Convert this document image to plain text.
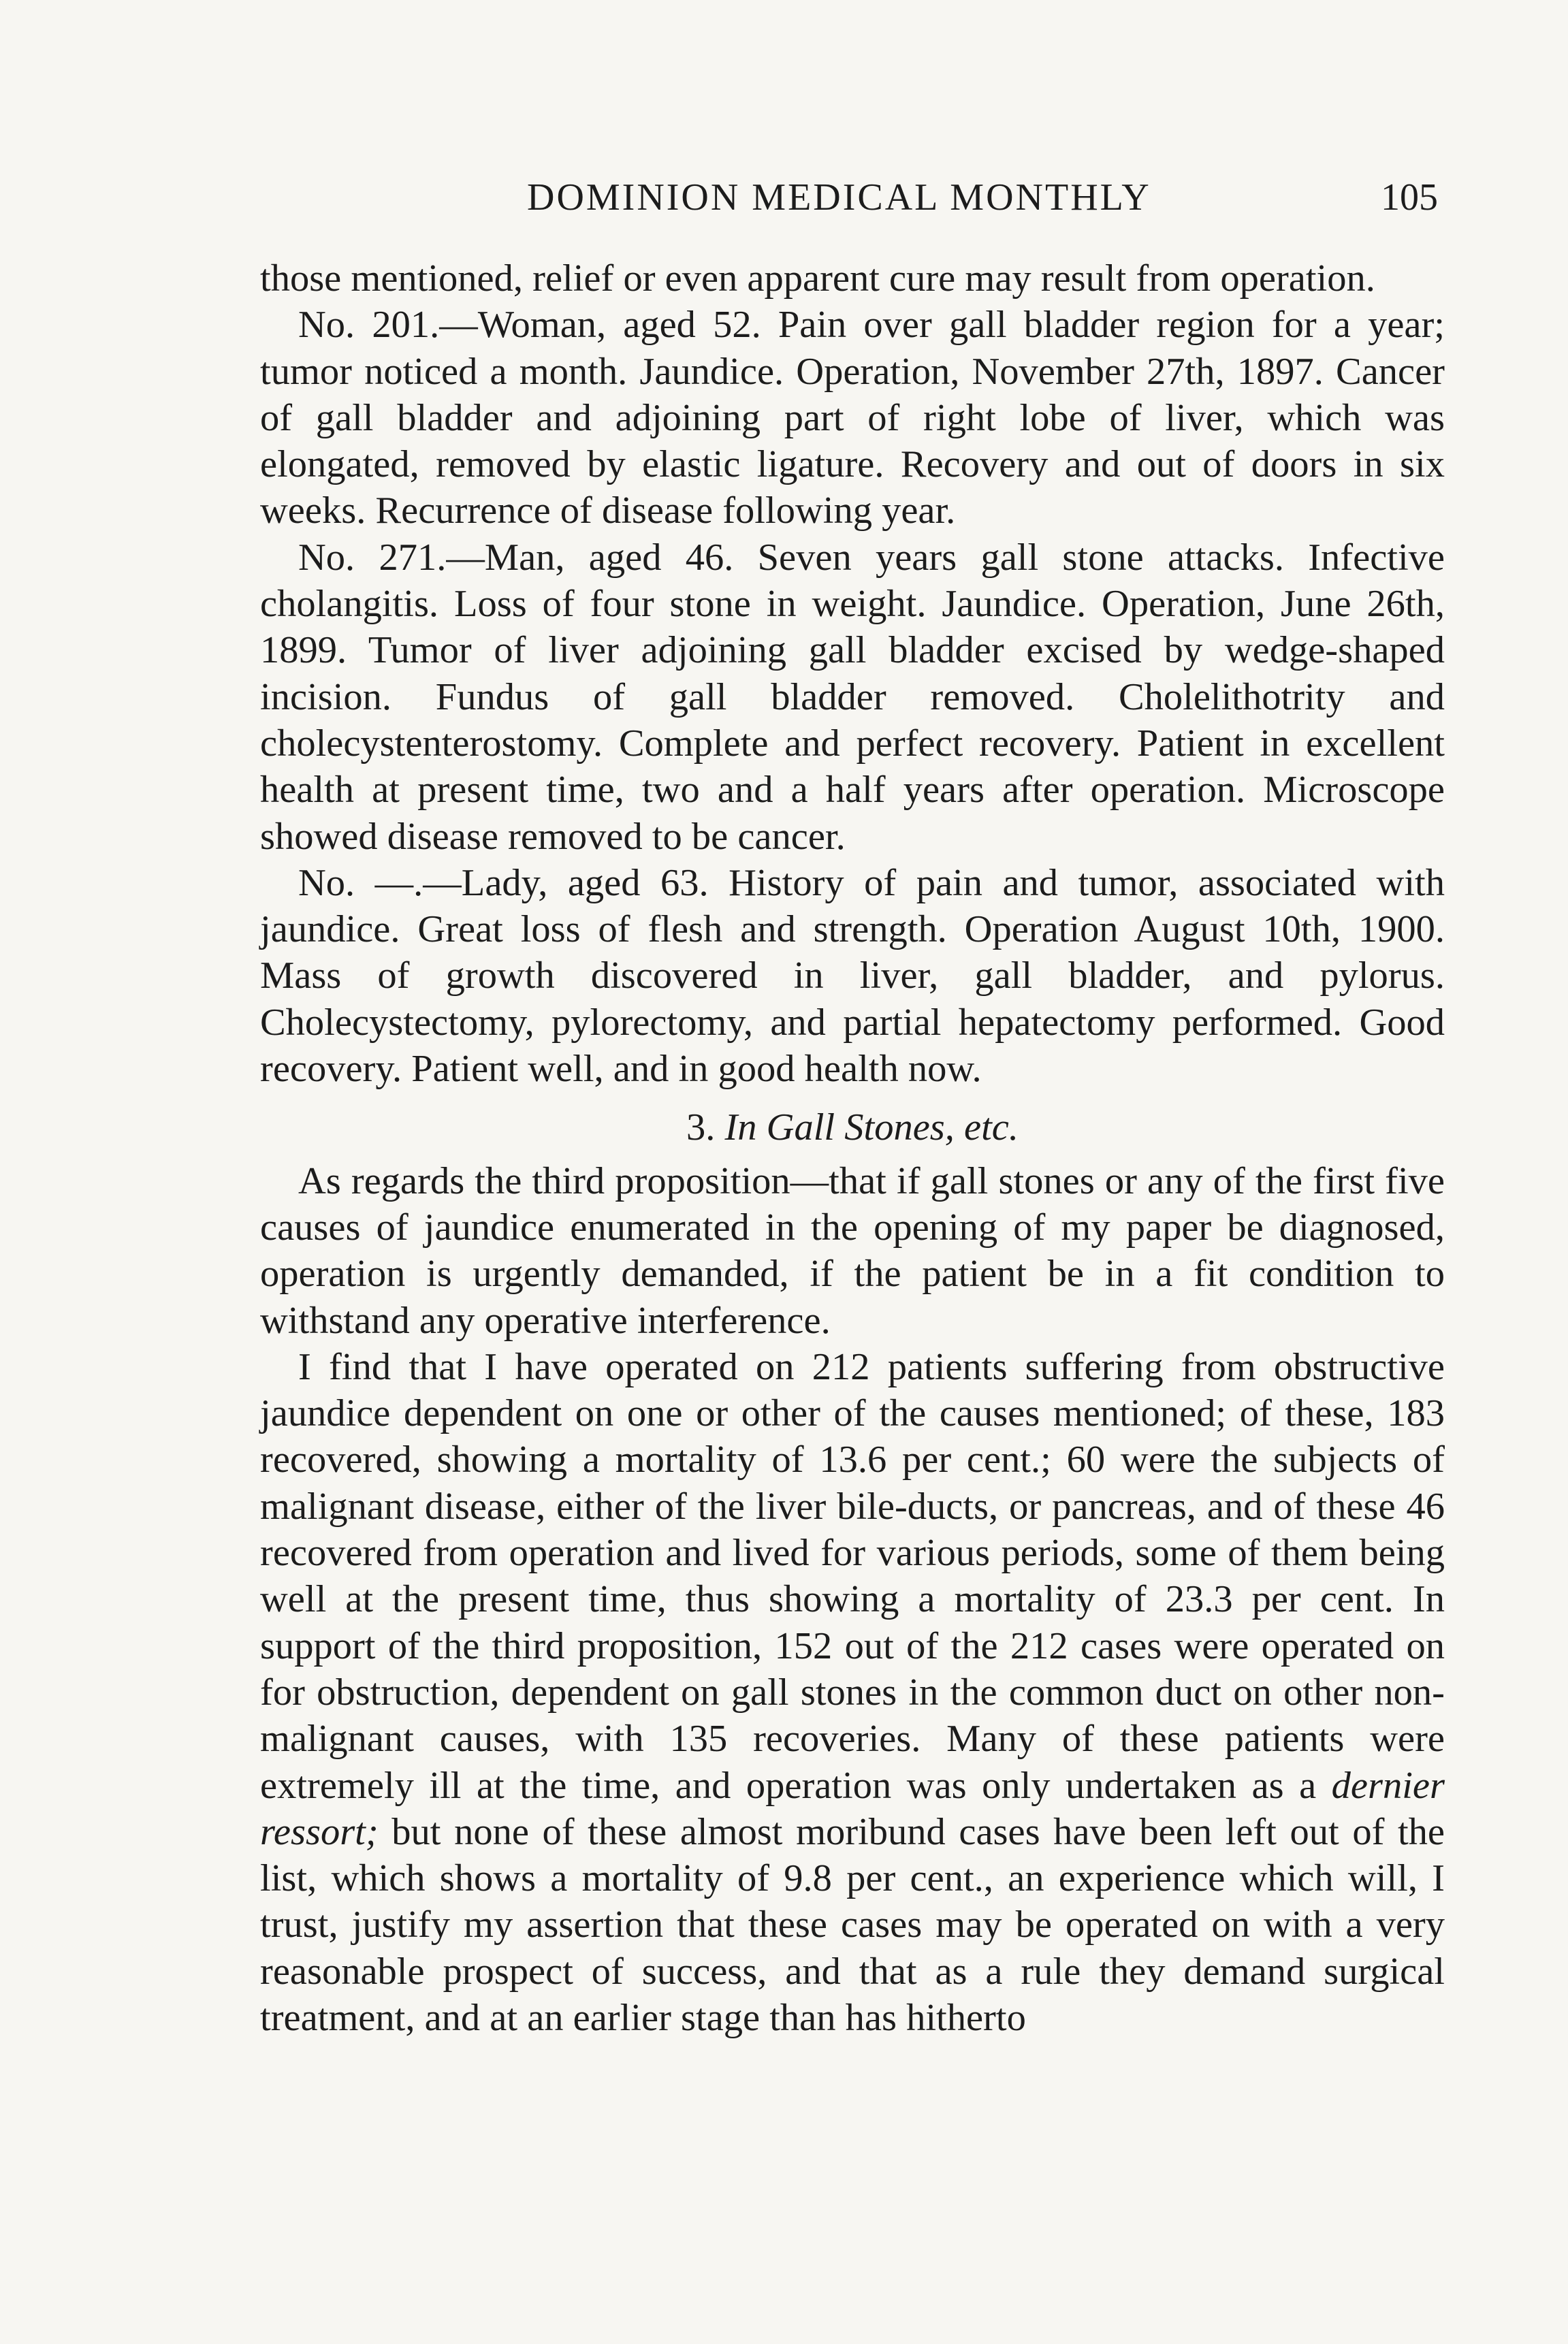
DOMINION MEDICAL MONTHLY	105

those mentioned, relief or even apparent cure may result from operation.

No. 201.—Woman, aged 52. Pain over gall bladder region for a year; tumor noticed a month. Jaundice. Operation, November 27th, 1897. Cancer of gall bladder and adjoining part of right lobe of liver, which was elongated, removed by elastic ligature. Recovery and out of doors in six weeks. Recurrence of disease following year.

No. 271.—Man, aged 46. Seven years gall stone attacks. Infective cholangitis. Loss of four stone in weight. Jaundice. Operation, June 26th, 1899. Tumor of liver adjoining gall bladder excised by wedge-shaped incision. Fundus of gall bladder removed. Cholelithotrity and cholecystenterostomy. Complete and perfect recovery. Patient in excellent health at present time, two and a half years after operation. Microscope showed disease removed to be cancer.

No. —.—Lady, aged 63. History of pain and tumor, associated with jaundice. Great loss of flesh and strength. Operation August 10th, 1900. Mass of growth discovered in liver, gall bladder, and pylorus. Cholecystectomy, pylorectomy, and partial hepatectomy performed. Good recovery. Patient well, and in good health now.

3. In Gall Stones, etc.

As regards the third proposition—that if gall stones or any of the first five causes of jaundice enumerated in the opening of my paper be diagnosed, operation is urgently demanded, if the patient be in a fit condition to withstand any operative interference.

I find that I have operated on 212 patients suffering from obstructive jaundice dependent on one or other of the causes mentioned; of these, 183 recovered, showing a mortality of 13.6 per cent.; 60 were the subjects of malignant disease, either of the liver bile-ducts, or pancreas, and of these 46 recovered from operation and lived for various periods, some of them being well at the present time, thus showing a mortality of 23.3 per cent. In support of the third proposition, 152 out of the 212 cases were operated on for obstruction, dependent on gall stones in the common duct on other non-malignant causes, with 135 recoveries. Many of these patients were extremely ill at the time, and operation was only undertaken as a dernier ressort; but none of these almost moribund cases have been left out of the list, which shows a mortality of 9.8 per cent., an experience which will, I trust, justify my assertion that these cases may be operated on with a very reasonable prospect of success, and that as a rule they demand surgical treatment, and at an earlier stage than has hitherto
